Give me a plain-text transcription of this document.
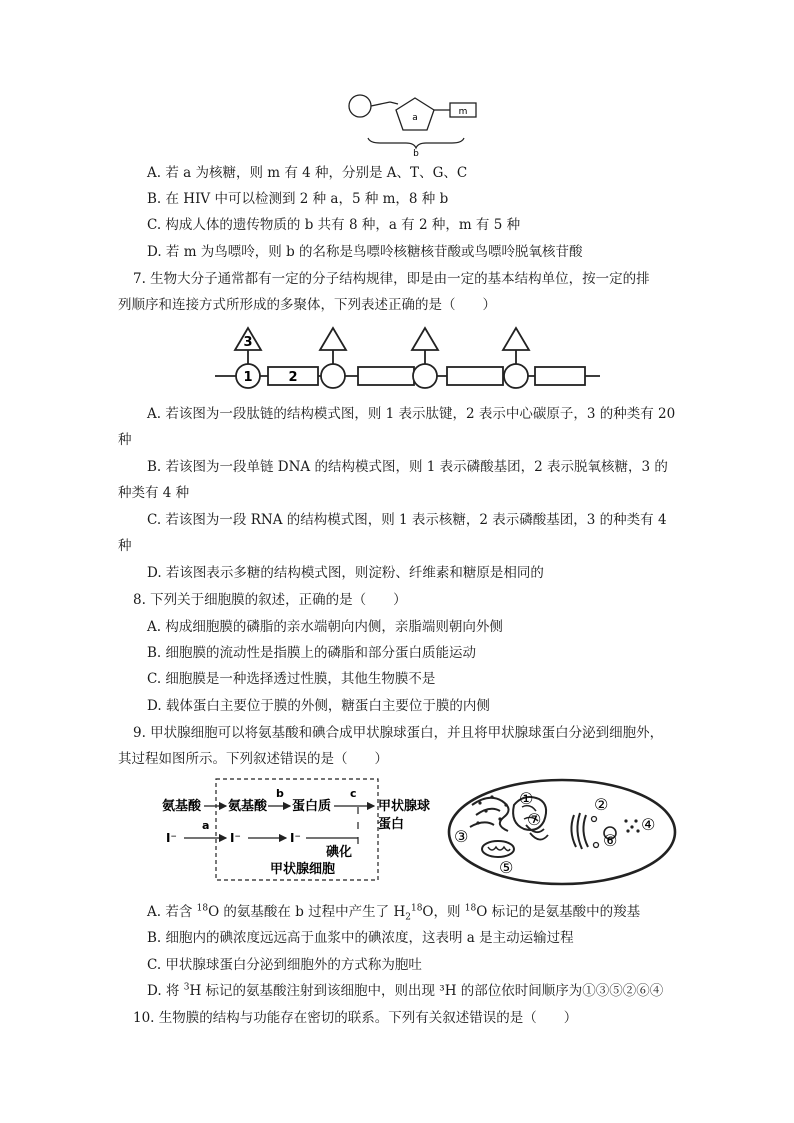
a
m
b
A. 若 a 为核糖，则 m 有 4 种，分别是 A、T、G、C
B. 在 HIV 中可以检测到 2 种 a，5 种 m，8 种 b
C. 构成人体的遗传物质的 b 共有 8 种，a 有 2 种，m 有 5 种
D. 若 m 为鸟嘌呤，则 b 的名称是鸟嘌呤核糖核苷酸或鸟嘌呤脱氧核苷酸
7. 生物大分子通常都有一定的分子结构规律，即是由一定的基本结构单位，按一定的排
列顺序和连接方式所形成的多聚体，下列表述正确的是（　　）
3
1	2
A. 若该图为一段肽链的结构模式图，则 1 表示肽键，2 表示中心碳原子，3 的种类有 20
种
B. 若该图为一段单链 DNA 的结构模式图，则 1 表示磷酸基团，2 表示脱氧核糖，3 的
种类有 4 种
C. 若该图为一段 RNA 的结构模式图，则 1 表示核糖，2 表示磷酸基团，3 的种类有 4
种
D. 若该图表示多糖的结构模式图，则淀粉、纤维素和糖原是相同的
8. 下列关于细胞膜的叙述，正确的是（　　）
A. 构成细胞膜的磷脂的亲水端朝向内侧，亲脂端则朝向外侧
B. 细胞膜的流动性是指膜上的磷脂和部分蛋白质能运动
C. 细胞膜是一种选择透过性膜，其他生物膜不是
D. 载体蛋白主要位于膜的外侧，糖蛋白主要位于膜的内侧
9. 甲状腺细胞可以将氨基酸和碘合成甲状腺球蛋白，并且将甲状腺球蛋白分泌到细胞外，
其过程如图所示。下列叙述错误的是（　　）
氨基酸 氨基酸
b
蛋白质
c
甲状腺球
蛋白
I⁻
a
I⁻	I⁻
碘化
甲状腺细胞
①	②
③
④
⑤
⑥
⑦
A. 若含 $^{18}$O 的氨基酸在 b 过程中产生了 $H_2^{18}O$，则 $^{18}$O 标记的是氨基酸中的羧基
B. 细胞内的碘浓度远远高于血浆中的碘浓度，这表明 a 是主动运输过程
C. 甲状腺球蛋白分泌到细胞外的方式称为胞吐
D. 将 $^3$H 标记的氨基酸注射到该细胞中，则出现 ³H 的部位依时间顺序为①③⑤②⑥④
10. 生物膜的结构与功能存在密切的联系。下列有关叙述错误的是（　　）
